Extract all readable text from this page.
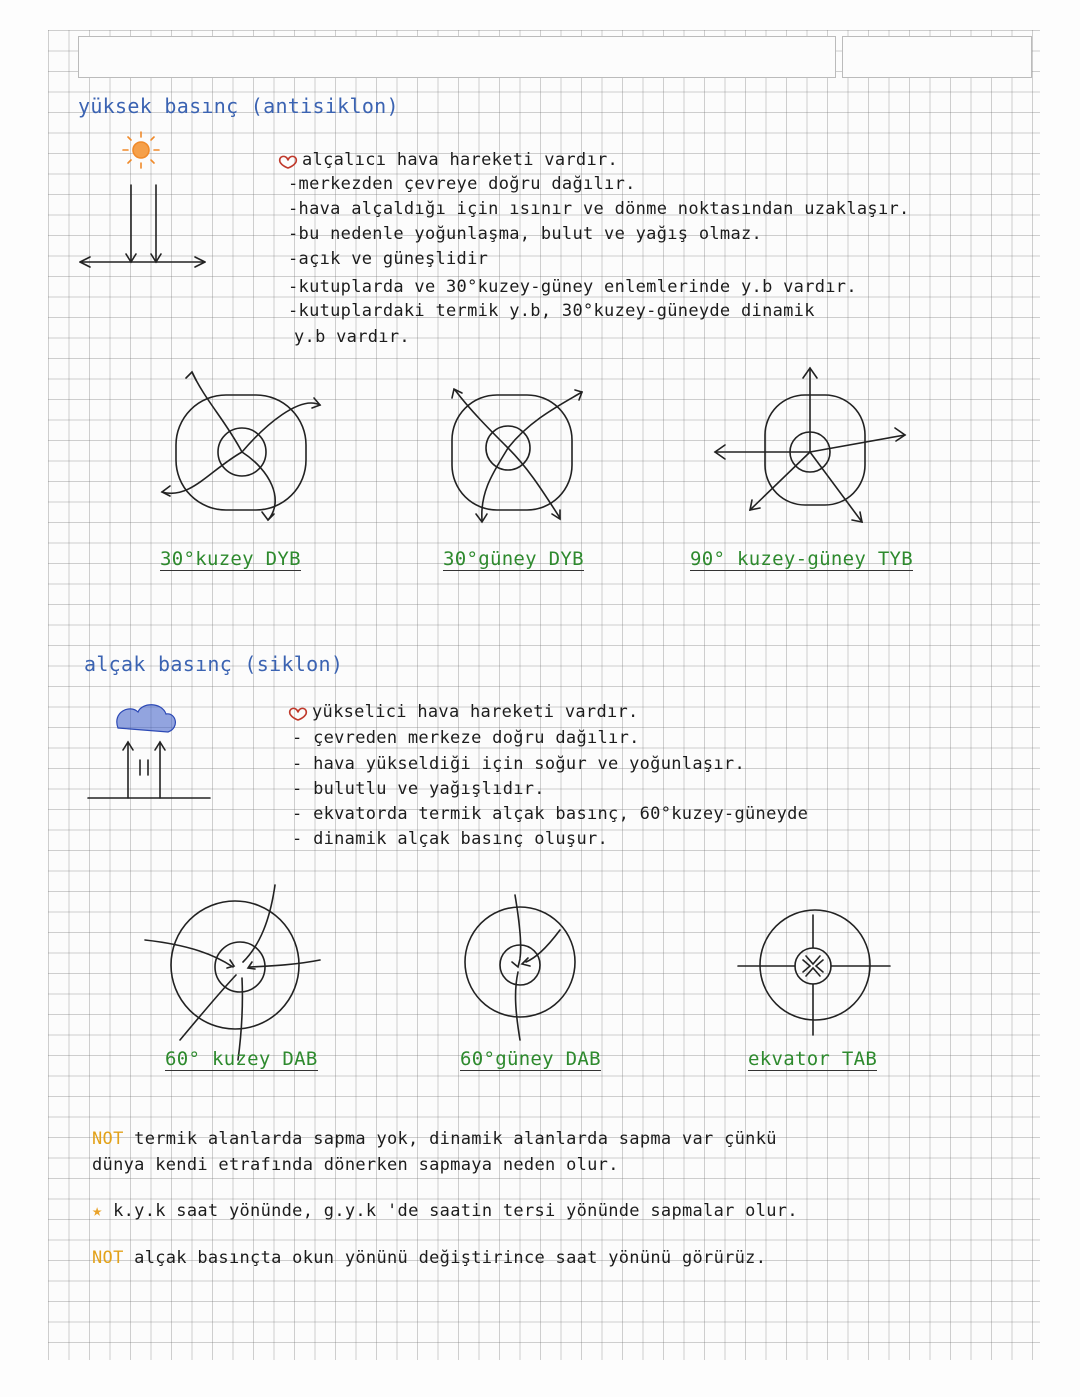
yüksek basınç (antisiklon)
alçalıcı hava hareketi vardır.
-merkezden çevreye doğru dağılır.
-hava alçaldığı için ısınır ve dönme noktasından uzaklaşır.
-bu nedenle yoğunlaşma, bulut ve yağış olmaz.
-açık ve güneşlidir
-kutuplarda ve 30°kuzey-güney enlemlerinde y.b vardır.
-kutuplardaki termik y.b, 30°kuzey-güneyde dinamik
y.b vardır.
30°kuzey DYB	30°güney DYB	90° kuzey-güney TYB
alçak basınç (siklon)
yükselici hava hareketi vardır.
- çevreden merkeze doğru dağılır.
- hava yükseldiği için soğur ve yoğunlaşır.
- bulutlu ve yağışlıdır.
- ekvatorda termik alçak basınç, 60°kuzey-güneyde
- dinamik alçak basınç oluşur.
60° kuzey DAB	60°güney DAB	ekvator TAB
NOT termik alanlarda sapma yok, dinamik alanlarda sapma var çünkü
dünya kendi etrafında dönerken sapmaya neden olur.
★ k.y.k saat yönünde, g.y.k 'de saatin tersi yönünde sapmalar olur.
NOT alçak basınçta okun yönünü değiştirince saat yönünü görürüz.
